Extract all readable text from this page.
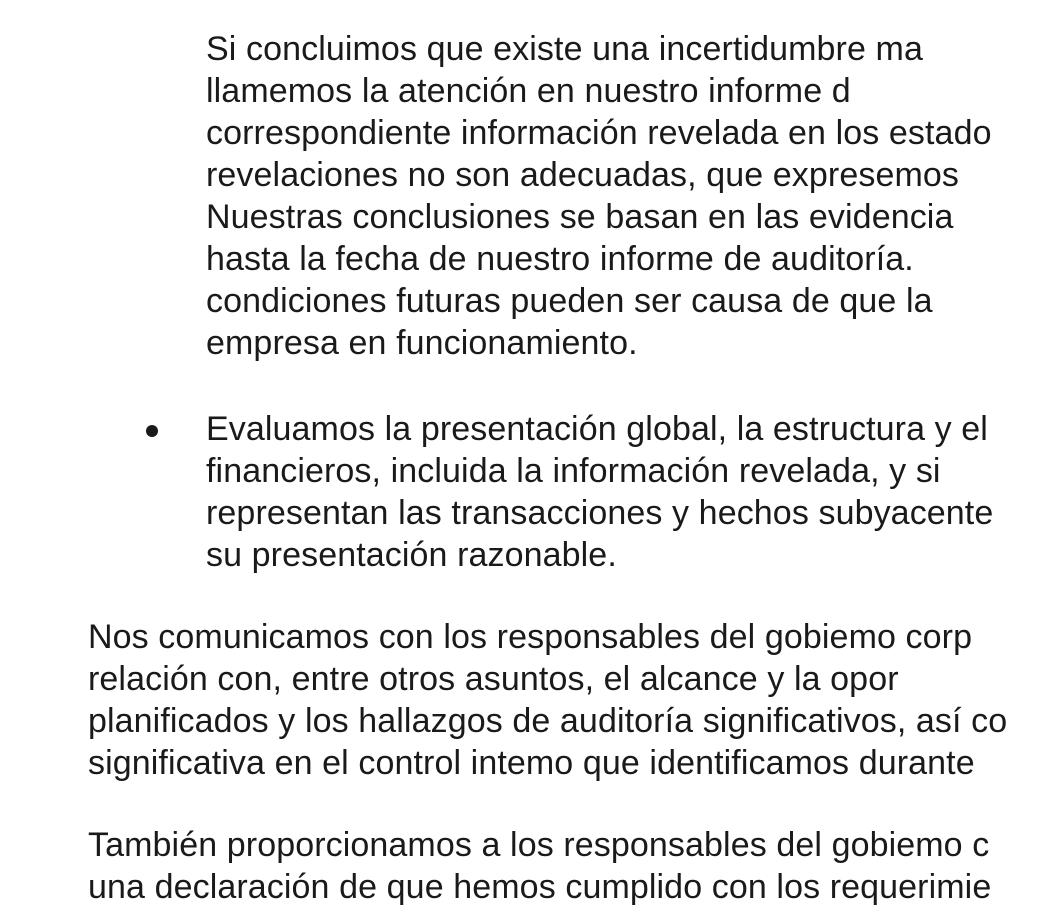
Si concluimos que existe una incertidumbre ma
llamemos la atención en nuestro informe d
correspondiente información revelada en los estado
revelaciones no son adecuadas, que expresemos
Nuestras conclusiones se basan en las evidencia
hasta la fecha de nuestro informe de auditoría.
condiciones futuras pueden ser causa de que la
empresa en funcionamiento.
Evaluamos la presentación global, la estructura y el
financieros, incluida la información revelada, y si
representan las transacciones y hechos subyacente
su presentación razonable.
Nos comunicamos con los responsables del gobiemo corp
relación con, entre otros asuntos, el alcance y la opor
planificados y los hallazgos de auditoría significativos, así co
significativa en el control intemo que identificamos durante
También proporcionamos a los responsables del gobiemo c
una declaración de que hemos cumplido con los requerimie
